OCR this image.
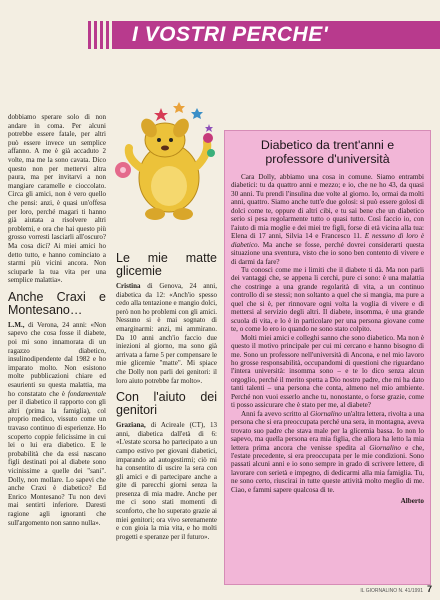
I VOSTRI PERCHE'

dobbiamo sperare solo di non andare in coma. Per alcuni potrebbe essere fatale, per altri può essere invece un semplice affanno. A me è già accaduto 2 volte, ma me la sono cavata. Dico questo non per mettervi altra paura, ma per invitarvi a non mangiare caramelle e cioccolato. Circa gli amici, non è vero quello che pensi: anzi, è quasi un'offesa per loro, perché magari ti hanno già aiutata a risolvere altri problemi, e ora che hai questo più grosso vorresti lasciarli all'oscuro? Ma cosa dici? Ai miei amici ho detto tutto, e hanno cominciato a starmi più vicini ancora. Non sciuparle la tua vita per una semplice malattia».

Anche Craxi e Montesano…

L.M., di Verona, 24 anni: «Non sapevo che cosa fosse il diabete, poi mi sono innamorata di un ragazzo diabetico, insulinodipendente dal 1982 e ho imparato molto. Non esistono molte pubblicazioni chiare ed esaurienti su questa malattia, ma ho constatato che è fondamentale per il diabetico il rapporto con gli altri (prima la famiglia), col proprio medico, vissuto come un travaso continuo di esperienze. Ho scoperto coppie felicissime in cui lei o lui era diabetico. E le probabilità che da essi nascano figli destinati poi al diabete sono vicinissime a quelle dei "sani". Dolly, non mollare. Lo sapevi che anche Craxi è diabetico? Ed Enrico Montesano? Tu non devi mai sentirti inferiore. Daresti ragione agli ignoranti che sull'argomento non sanno nulla».

Le mie matte glicemie

Cristina di Genova, 24 anni, diabetica da 12: «Anch'io spesso cedo alla tentazione e mangio dolci, però non ho problemi con gli amici. Nessuno si è mai sognato di emarginarmi: anzi, mi ammirano. Da 10 anni anch'io faccio due iniezioni al giorno, ma sono già arrivata a farne 5 per compensare le mie glicemie "matte". Mi spiace che Dolly non parli dei genitori: il loro aiuto potrebbe far molto».

Con l'aiuto dei genitori

Graziana, di Acireale (CT), 13 anni, diabetica dall'età di 6: «L'estate scorsa ho partecipato a un campo estivo per giovani diabetici, imparando ad autogestirmi; ciò mi ha consentito di uscire la sera con gli amici e di partecipare anche a gite di parecchi giorni senza la presenza di mia madre. Anche per me ci sono stati momenti di sconforto, che ho superato grazie ai miei genitori; ora vivo serenamente e con gioia la mia vita, e ho molti progetti e speranze per il futuro».

Diabetico da trent'anni e professore d'università

Cara Dolly, abbiamo una cosa in comune. Siamo entrambi diabetici: tu da quattro anni e mezzo; e io, che ne ho 43, da quasi 30 anni. Tu prendi l'insulina due volte al giorno. Io, ormai da molti anni, quattro. Siamo anche tutt'e due golosi: si può essere golosi di dolci come te, oppure di altri cibi, e tu sai bene che un diabetico serio si pesa regolarmente tutto o quasi tutto. Così faccio io, con l'aiuto di mia moglie e dei miei tre figli, forse di età vicina alla tua: Elena di 17 anni, Silvia 14 e Francesco 11. E nessuno di loro è diabetico. Ma anche se fosse, perché dovrei considerarti questa situazione una sventura, visto che io sono ben contento di vivere e di darmi da fare?

Tu conosci come me i limiti che il diabete ti dà. Ma non parli dei vantaggi che, se appena li cerchi, pure ci sono: è una malattia che costringe a una grande regolarità di vita, a un continuo controllo di se stessi; non soltanto a quel che si mangia, ma pure a quel che si è, per rinnovare ogni volta la voglia di vivere e di mettersi al servizio degli altri. Il diabete, insomma, è una grande scuola di vita, e lo è in particolare per una persona giovane come te, o come lo ero io quando ne sono stato colpito.

Molti miei amici e colleghi sanno che sono diabetico. Ma non è questo il motivo principale per cui mi cercano e hanno bisogno di me. Sono un professore nell'università di Ancona, e nel mio lavoro ho grosse responsabilità, occupandomi di questioni che riguardano l'intera università: insomma sono – e te lo dico senza alcun orgoglio, perché il merito spetta a Dio nostro padre, che mi ha dato tanti talenti – una persona che conta, almeno nel mio ambiente. Perché non vuoi esserlo anche tu, nonostante, o forse grazie, come ti posso assicurare che è stato per me, al diabete?

Anni fa avevo scritto al Giornalino un'altra lettera, rivolta a una persona che si era preoccupata perché una sera, in montagna, aveva trovato suo padre che stava male per la glicemia bassa. Io non lo sapevo, ma quella persona era mia figlia, che allora ha letto la mia lettera prima ancora che venisse spedita al Giornalino e che, l'estate precedente, si era preoccupata per le mie condizioni. Sono passati alcuni anni e io sono sempre in grado di scrivere lettere, di lavorare con serietà e impegno, di dedicarmi alla mia famiglia. Tu, ne sono certo, riuscirai in tutte queste attività molto meglio di me. Ciao, e fammi sapere qualcosa di te.

Alberto
IL GIORNALINO N. 41/1991 7
